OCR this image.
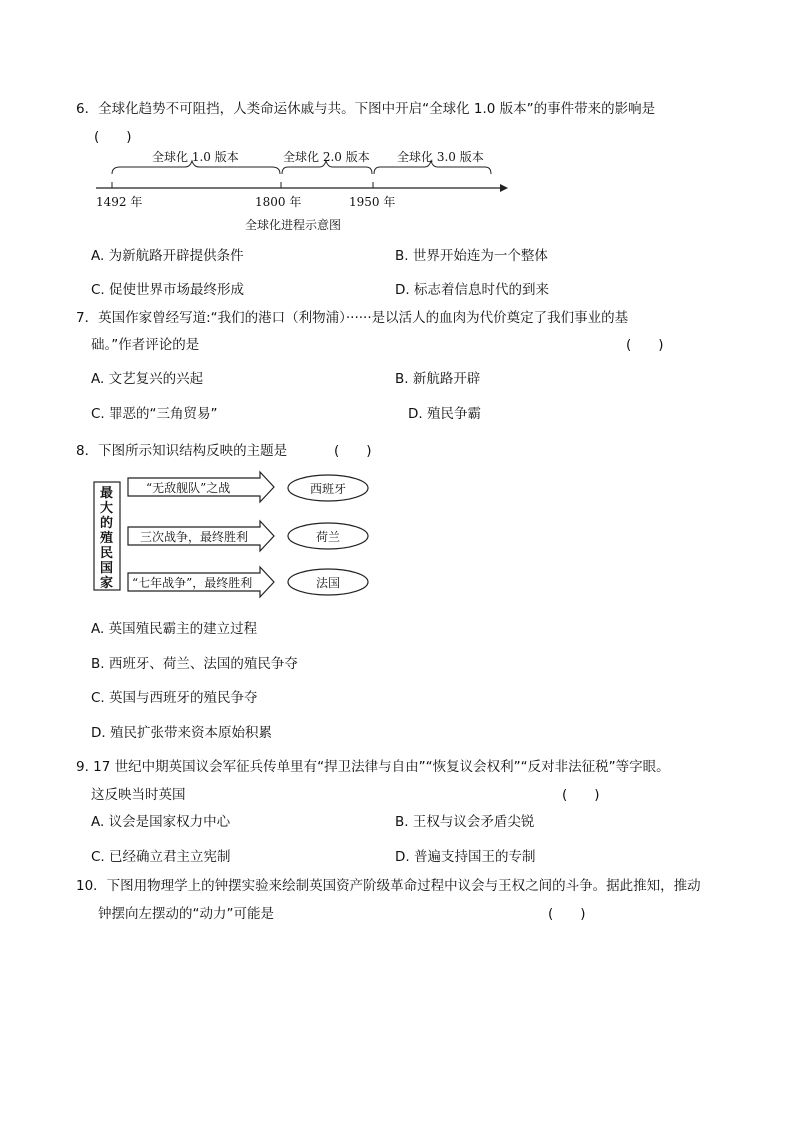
6．全球化趋势不可阻挡，人类命运休戚与共。下图中开启“全球化 1.0 版本”的事件带来的影响是
(　　)
全球化 1.0 版本	全球化 2.0 版本 全球化 3.0 版本
1492 年	1800 年	1950 年
全球化进程示意图
A. 为新航路开辟提供条件	B. 世界开始连为一个整体
C. 促使世界市场最终形成	D. 标志着信息时代的到来
7．英国作家曾经写道:“我们的港口（利物浦）······是以活人的血肉为代价奠定了我们事业的基
础。”作者评论的是	(　　)
A. 文艺复兴的兴起	B. 新航路开辟
C. 罪恶的“三角贸易”	D. 殖民争霸
8．下图所示知识结构反映的主题是	(　　)
最
大
的
殖
民
国
家
“无敌舰队”之战
三次战争，最终胜利
“七年战争”，最终胜利
西班牙
荷兰
法国
A. 英国殖民霸主的建立过程
B. 西班牙、荷兰、法国的殖民争夺
C. 英国与西班牙的殖民争夺
D. 殖民扩张带来资本原始积累
9. 17 世纪中期英国议会军征兵传单里有“捍卫法律与自由”“恢复议会权利”“反对非法征税”等字眼。
这反映当时英国	(　　)
A. 议会是国家权力中心	B. 王权与议会矛盾尖锐
C. 已经确立君主立宪制	D. 普遍支持国王的专制
10．下图用物理学上的钟摆实验来绘制英国资产阶级革命过程中议会与王权之间的斗争。据此推知，推动
钟摆向左摆动的“动力”可能是	(　　)
